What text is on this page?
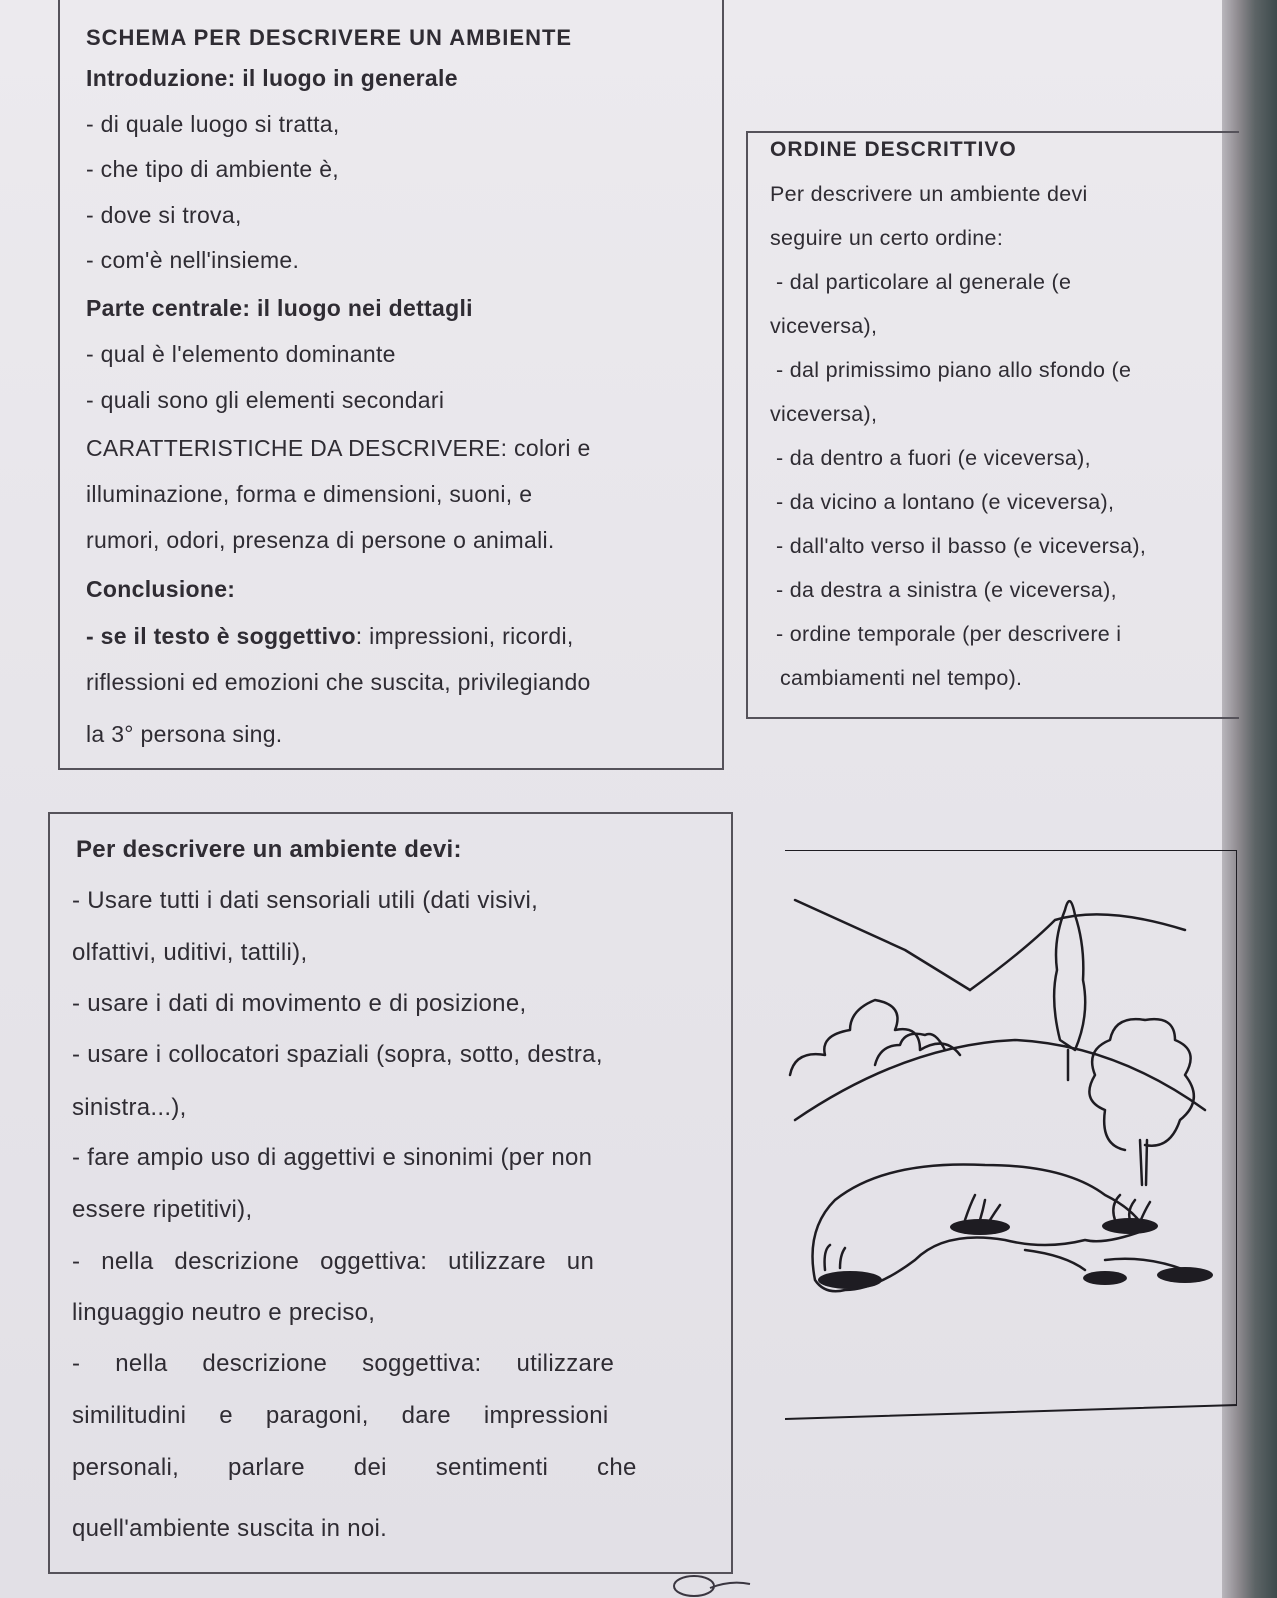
SCHEMA PER DESCRIVERE UN AMBIENTE
Introduzione: il luogo in generale
- di quale luogo si tratta,
- che tipo di ambiente è,
- dove si trova,
- com'è nell'insieme.
Parte centrale: il luogo nei dettagli
- qual è l'elemento dominante
- quali sono gli elementi secondari
CARATTERISTICHE DA DESCRIVERE: colori e
illuminazione, forma e dimensioni, suoni, e
rumori, odori, presenza di persone o animali.
Conclusione:
- se il testo è soggettivo: impressioni, ricordi,
riflessioni ed emozioni che suscita, privilegiando
la 3° persona sing.
ORDINE DESCRITTIVO
Per descrivere un ambiente devi
seguire un certo ordine:
- dal particolare al generale (e
viceversa),
- dal primissimo piano allo sfondo (e
viceversa),
- da dentro a fuori (e viceversa),
- da vicino a lontano (e viceversa),
- dall'alto verso il basso (e viceversa),
- da destra a sinistra (e viceversa),
- ordine temporale (per descrivere i
cambiamenti nel tempo).
Per descrivere un ambiente devi:
- Usare tutti i dati sensoriali utili (dati visivi,
olfattivi, uditivi, tattili),
- usare i dati di movimento e di posizione,
- usare i collocatori spaziali (sopra, sotto, destra,
sinistra...),
- fare ampio uso di aggettivi e sinonimi (per non
essere ripetitivi),
- nella descrizione oggettiva: utilizzare un
linguaggio neutro e preciso,
- nella descrizione soggettiva: utilizzare
similitudini e paragoni, dare impressioni
personali, parlare dei sentimenti che
quell'ambiente suscita in noi.
